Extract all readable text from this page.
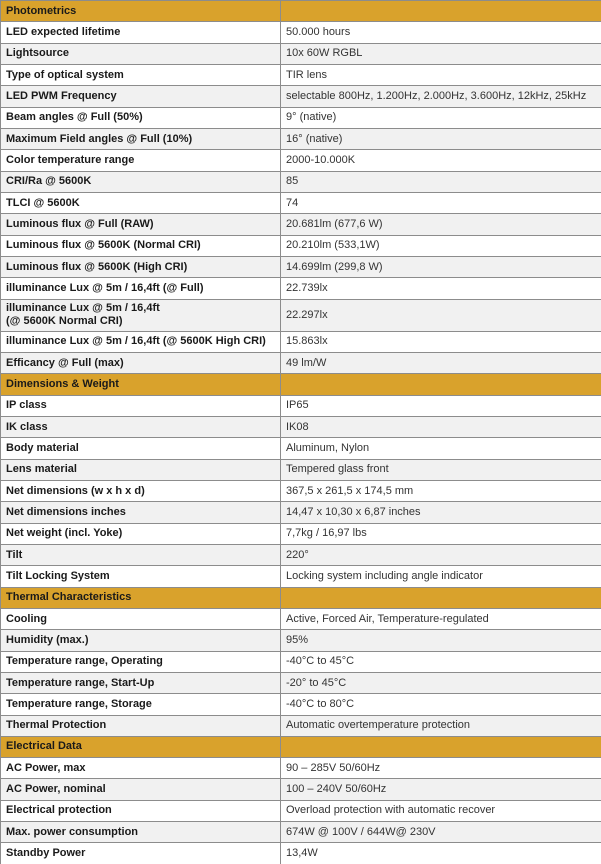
Photometrics	
LED expected lifetime	50.000 hours
Lightsource	10x 60W RGBL
Type of optical system	TIR lens
LED PWM Frequency	selectable 800Hz, 1.200Hz, 2.000Hz, 3.600Hz, 12kHz, 25kHz
Beam angles @ Full (50%)	9° (native)
Maximum Field angles @ Full (10%)	16° (native)
Color temperature range	2000-10.000K
CRI/Ra @ 5600K	85
TLCI @ 5600K	74
Luminous flux @ Full (RAW)	20.681lm (677,6 W)
Luminous flux @ 5600K (Normal CRI)	20.210lm (533,1W)
Luminous flux @ 5600K (High CRI)	14.699lm (299,8 W)
illuminance Lux @ 5m / 16,4ft (@ Full)	22.739lx
illuminance Lux @ 5m / 16,4ft
(@ 5600K Normal CRI)	22.297lx
illuminance Lux @ 5m / 16,4ft (@ 5600K High CRI)	15.863lx
Efficancy @ Full (max)	49 lm/W
Dimensions & Weight	
IP class	IP65
IK class	IK08
Body material	Aluminum, Nylon
Lens material	Tempered glass front
Net dimensions (w x h x d)	367,5 x 261,5 x 174,5 mm
Net dimensions inches	14,47 x 10,30 x 6,87 inches
Net weight (incl. Yoke)	7,7kg / 16,97 lbs
Tilt	220°
Tilt Locking System	Locking system including angle indicator
Thermal Characteristics	
Cooling	Active, Forced Air, Temperature-regulated
Humidity (max.)	95%
Temperature range, Operating	-40°C to 45°C
Temperature range, Start-Up	-20° to 45°C
Temperature range, Storage	-40°C to 80°C
Thermal Protection	Automatic overtemperature protection
Electrical Data	
AC Power, max	90 – 285V 50/60Hz
AC Power, nominal	100 – 240V 50/60Hz
Electrical protection	Overload protection with automatic recover
Max. power consumption	674W @ 100V / 644W@ 230V
Standby Power	13,4W
